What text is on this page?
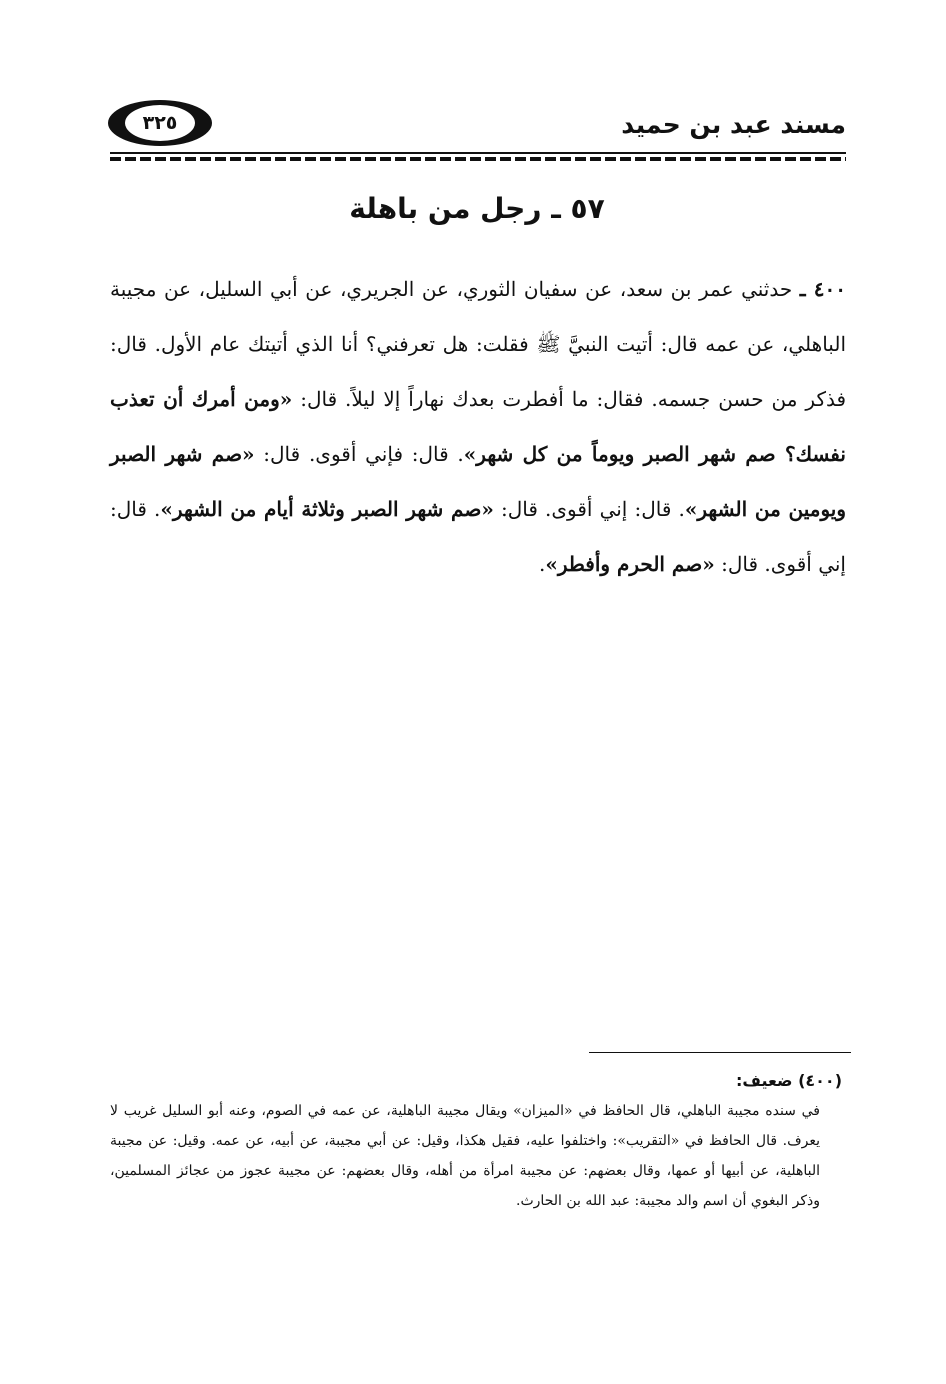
مسند عبد بن حميد
٣٢٥
٥٧ ـ رجل من باهلة
٤٠٠ ـ حدثني عمر بن سعد، عن سفيان الثوري، عن الجريري، عن أبي السليل، عن مجيبة الباهلي، عن عمه قال: أتيت النبيَّ ﷺ فقلت: هل تعرفني؟ أنا الذي أتيتك عام الأول. قال: فذكر من حسن جسمه. فقال: ما أفطرت بعدك نهاراً إلا ليلاً. قال: «ومن أمرك أن تعذب نفسك؟ صم شهر الصبر ويوماً من كل شهر». قال: فإني أقوى. قال: «صم شهر الصبر ويومين من الشهر». قال: إني أقوى. قال: «صم شهر الصبر وثلاثة أيام من الشهر». قال: إني أقوى. قال: «صم الحرم وأفطر».
(٤٠٠) ضعيف:
في سنده مجيبة الباهلي، قال الحافظ في «الميزان» ويقال مجيبة الباهلية، عن عمه في الصوم، وعنه أبو السليل غريب لا يعرف. قال الحافظ في «التقريب»: واختلفوا عليه، فقيل هكذا، وقيل: عن أبي مجيبة، عن أبيه، عن عمه. وقيل: عن مجيبة الباهلية، عن أبيها أو عمها، وقال بعضهم: عن مجيبة امرأة من أهله، وقال بعضهم: عن مجيبة عجوز من عجائز المسلمين، وذكر البغوي أن اسم والد مجيبة: عبد الله بن الحارث.
